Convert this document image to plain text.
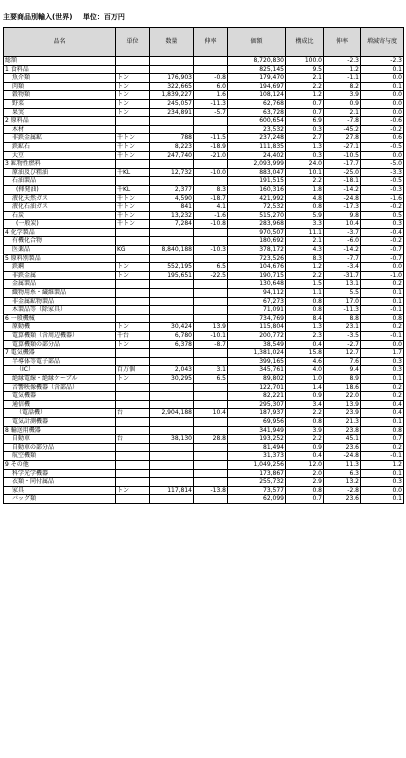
主要商品別輸入(世界) 単位：百万円
品名	単位	数量	伸率	価額	構成比	伸率	増減寄与度
総額				8,720,830	100.0	-2.3	-2.3
1 食料品				825,145	9.5	1.2	0.1
魚介類	トン	176,903	-0.8	179,470	2.1	-1.1	0.0
肉類	トン	322,665	6.0	194,697	2.2	8.2	0.1
穀物類	トン	1,839,227	1.6	108,124	1.2	3.9	0.0
野菜	トン	245,057	-11.3	62,768	0.7	0.9	0.0
果実	トン	234,891	-5.7	63,728	0.7	2.1	0.0
2 原料品				600,654	6.9	-7.8	-0.6
木材				23,532	0.3	-45.2	-0.2
非鉄金属鉱	千トン	788	-11.5	237,248	2.7	27.8	0.6
鉄鉱石	千トン	8,223	-18.9	111,835	1.3	-27.1	-0.5
大豆	千トン	247,740	-21.0	24,402	0.3	-10.5	0.0
3 鉱物性燃料				2,093,999	24.0	-17.7	-5.0
原油及び粗油	千KL	12,732	-10.0	883,047	10.1	-25.0	-3.3
石油製品				191,515	2.2	-18.1	-0.5
(揮発油)	千KL	2,377	8.3	160,316	1.8	-14.2	-0.3
液化天然ガス	千トン	4,590	-18.7	421,992	4.8	-24.8	-1.6
液化石油ガス	千トン	841	4.1	72,532	0.8	-17.3	-0.2
石炭	千トン	13,232	-1.6	515,270	5.9	9.8	0.5
(一般炭)	千トン	7,284	-10.8	283,968	3.3	10.4	0.3
4 化学製品				970,507	11.1	-3.7	-0.4
有機化合物				180,692	2.1	-6.0	-0.2
医薬品	KG	8,840,188	-10.3	378,172	4.3	-14.2	-0.7
5 原料別製品				723,526	8.3	-7.7	-0.7
鉄鋼	トン	552,195	6.5	104,676	1.2	-3.4	0.0
非鉄金属	トン	195,651	-22.5	190,715	2.2	-31.7	-1.0
金属製品				130,648	1.5	13.1	0.2
織物用糸・繊維製品				94,112	1.1	5.5	0.1
非金属鉱物製品				67,273	0.8	17.0	0.1
木製品等（除家具）				71,091	0.8	-11.3	-0.1
6 一般機械				734,769	8.4	8.8	0.8
原動機	トン	30,424	13.9	115,804	1.3	23.1	0.2
電算機類（含周辺機器）	千台	6,780	-10.1	200,772	2.3	-3.5	-0.1
電算機類の部分品	トン	6,378	-8.7	38,549	0.4	-2.7	0.0
7 電気機器				1,381,024	15.8	12.7	1.7
半導体等電子部品				399,165	4.6	7.6	0.3
（IC）	百万個	2,043	3.1	345,761	4.0	9.4	0.3
絶縁電線・絶縁ケーブル	トン	30,295	6.5	89,802	1.0	8.9	0.1
音響映像機器（含部品）				122,701	1.4	18.6	0.2
電気機器				82,221	0.9	22.0	0.2
通信機				295,307	3.4	13.9	0.4
（電話機）	台	2,904,188	10.4	187,937	2.2	23.9	0.4
電気計測機器				69,956	0.8	21.3	0.1
8 輸送用機器				341,949	3.9	23.8	0.8
自動車	台	38,130	28.8	193,252	2.2	45.1	0.7
自動車の部分品				81,494	0.9	23.6	0.2
航空機類				31,373	0.4	-24.8	-0.1
9 その他				1,049,256	12.0	11.3	1.2
科学光学機器				173,867	2.0	6.3	0.1
衣類・同付属品				255,732	2.9	13.2	0.3
家具	トン	117,814	-13.8	73,577	0.8	-2.8	0.0
バッグ類				62,099	0.7	23.6	0.1
